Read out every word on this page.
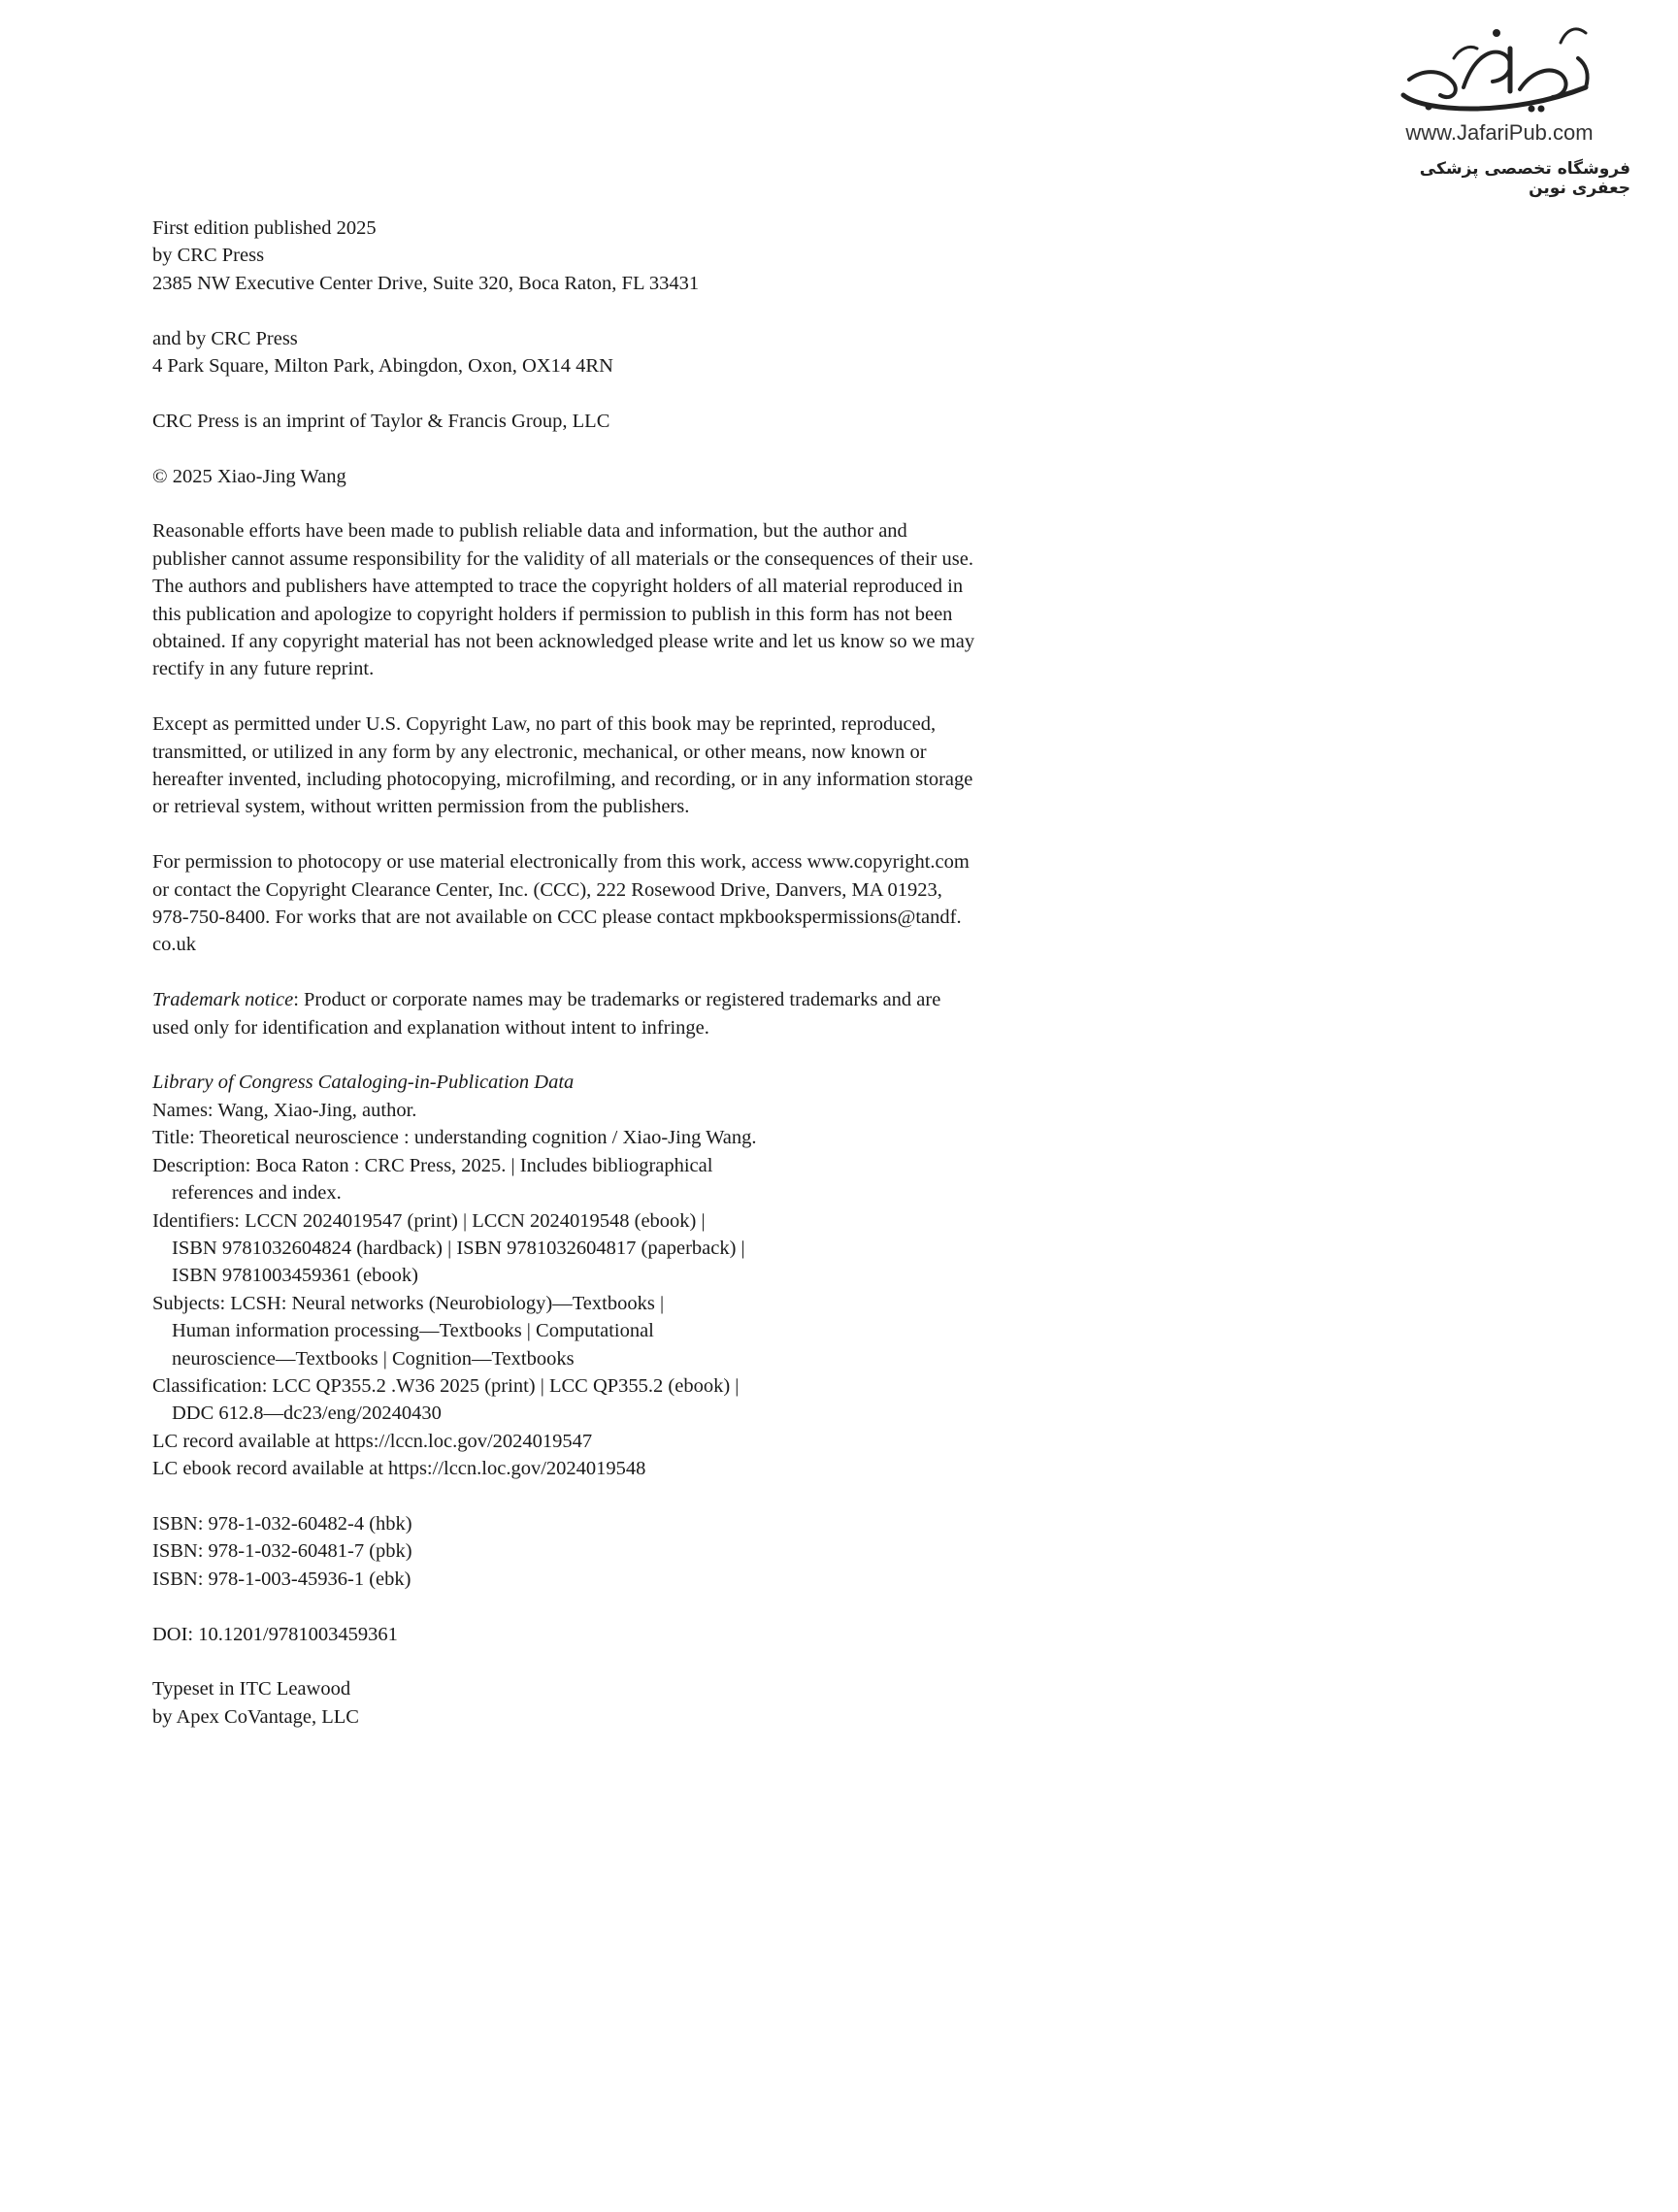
www.JafariPub.com
فروشگاه تخصصی پزشکی جعفری نوین

First edition published 2025
by CRC Press
2385 NW Executive Center Drive, Suite 320, Boca Raton, FL 33431

and by CRC Press
4 Park Square, Milton Park, Abingdon, Oxon, OX14 4RN

CRC Press is an imprint of Taylor & Francis Group, LLC

© 2025 Xiao-Jing Wang

Reasonable efforts have been made to publish reliable data and information, but the author and
publisher cannot assume responsibility for the validity of all materials or the consequences of their use.
The authors and publishers have attempted to trace the copyright holders of all material reproduced in
this publication and apologize to copyright holders if permission to publish in this form has not been
obtained. If any copyright material has not been acknowledged please write and let us know so we may
rectify in any future reprint.

Except as permitted under U.S. Copyright Law, no part of this book may be reprinted, reproduced,
transmitted, or utilized in any form by any electronic, mechanical, or other means, now known or
hereafter invented, including photocopying, microfilming, and recording, or in any information storage
or retrieval system, without written permission from the publishers.

For permission to photocopy or use material electronically from this work, access www.copyright.com
or contact the Copyright Clearance Center, Inc. (CCC), 222 Rosewood Drive, Danvers, MA 01923,
978-750-8400. For works that are not available on CCC please contact mpkbookspermissions@tandf.
co.uk

Trademark notice: Product or corporate names may be trademarks or registered trademarks and are
used only for identification and explanation without intent to infringe.

Library of Congress Cataloging-in-Publication Data
Names: Wang, Xiao-Jing, author.
Title: Theoretical neuroscience : understanding cognition / Xiao-Jing Wang.
Description: Boca Raton : CRC Press, 2025. | Includes bibliographical
references and index.
Identifiers: LCCN 2024019547 (print) | LCCN 2024019548 (ebook) |
ISBN 9781032604824 (hardback) | ISBN 9781032604817 (paperback) |
ISBN 9781003459361 (ebook)
Subjects: LCSH: Neural networks (Neurobiology)—Textbooks |
Human information processing—Textbooks | Computational
neuroscience—Textbooks | Cognition—Textbooks
Classification: LCC QP355.2 .W36 2025 (print) | LCC QP355.2 (ebook) |
DDC 612.8—dc23/eng/20240430
LC record available at https://lccn.loc.gov/2024019547
LC ebook record available at https://lccn.loc.gov/2024019548

ISBN: 978-1-032-60482-4 (hbk)
ISBN: 978-1-032-60481-7 (pbk)
ISBN: 978-1-003-45936-1 (ebk)

DOI: 10.1201/9781003459361

Typeset in ITC Leawood
by Apex CoVantage, LLC
